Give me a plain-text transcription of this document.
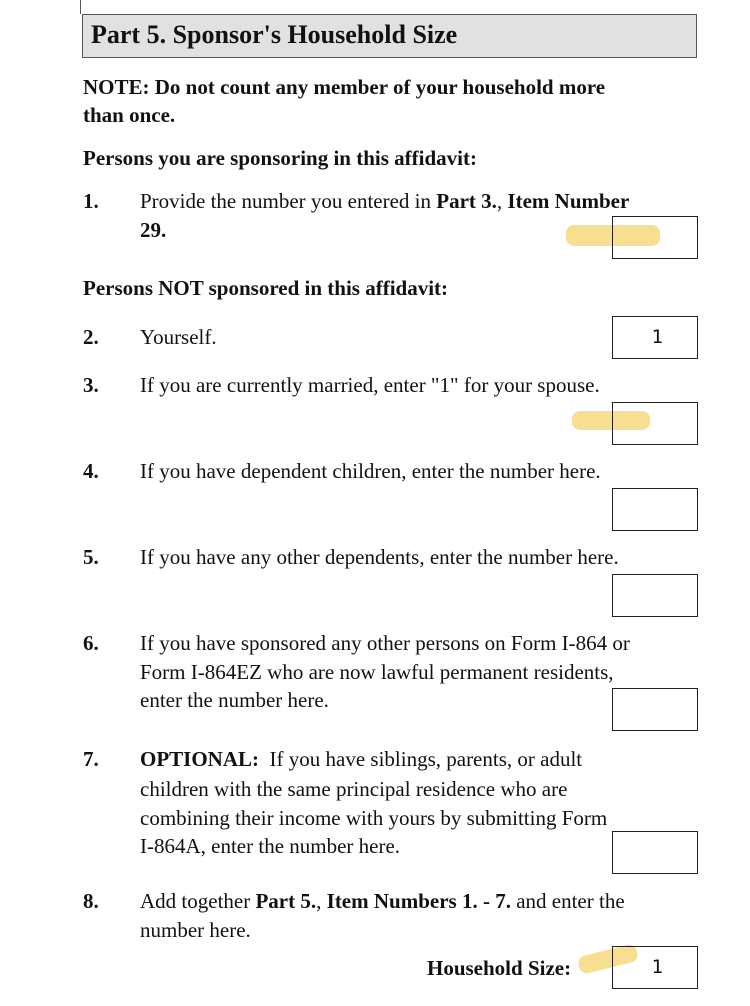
Part 5. Sponsor's Household Size
NOTE: Do not count any member of your household more
than once.
Persons you are sponsoring in this affidavit:
1. Provide the number you entered in Part 3., Item Number
29.
Persons NOT sponsored in this affidavit:
2. Yourself.	1
3. If you are currently married, enter "1" for your spouse.
4. If you have dependent children, enter the number here.
5. If you have any other dependents, enter the number here.
6. If you have sponsored any other persons on Form I-864 or
Form I-864EZ who are now lawful permanent residents,
enter the number here.
7. OPTIONAL:  If you have siblings, parents, or adult
children with the same principal residence who are
combining their income with yours by submitting Form
I-864A, enter the number here.
8. Add together Part 5., Item Numbers 1. - 7. and enter the
number here.
Household Size:	1
